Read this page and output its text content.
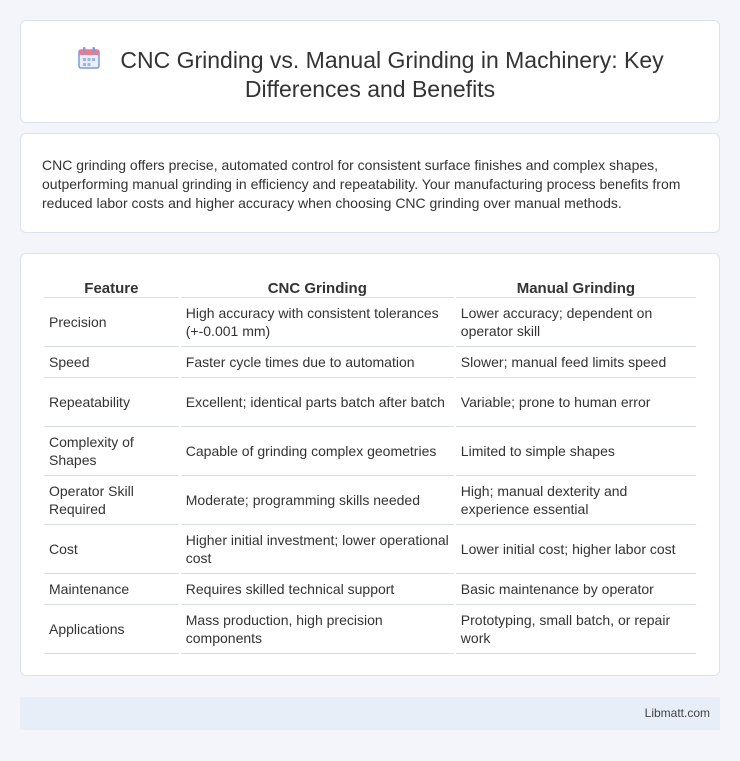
CNC Grinding vs. Manual Grinding in Machinery: Key Differences and Benefits

CNC grinding offers precise, automated control for consistent surface finishes and complex shapes, outperforming manual grinding in efficiency and repeatability. Your manufacturing process benefits from reduced labor costs and higher accuracy when choosing CNC grinding over manual methods.

Feature	CNC Grinding	Manual Grinding
Precision	High accuracy with consistent tolerances (+-0.001 mm)	Lower accuracy; dependent on operator skill
Speed	Faster cycle times due to automation	Slower; manual feed limits speed
Repeatability	Excellent; identical parts batch after batch	Variable; prone to human error
Complexity of Shapes	Capable of grinding complex geometries	Limited to simple shapes
Operator Skill Required	Moderate; programming skills needed	High; manual dexterity and experience essential
Cost	Higher initial investment; lower operational cost	Lower initial cost; higher labor cost
Maintenance	Requires skilled technical support	Basic maintenance by operator
Applications	Mass production, high precision components	Prototyping, small batch, or repair work
Libmatt.com
